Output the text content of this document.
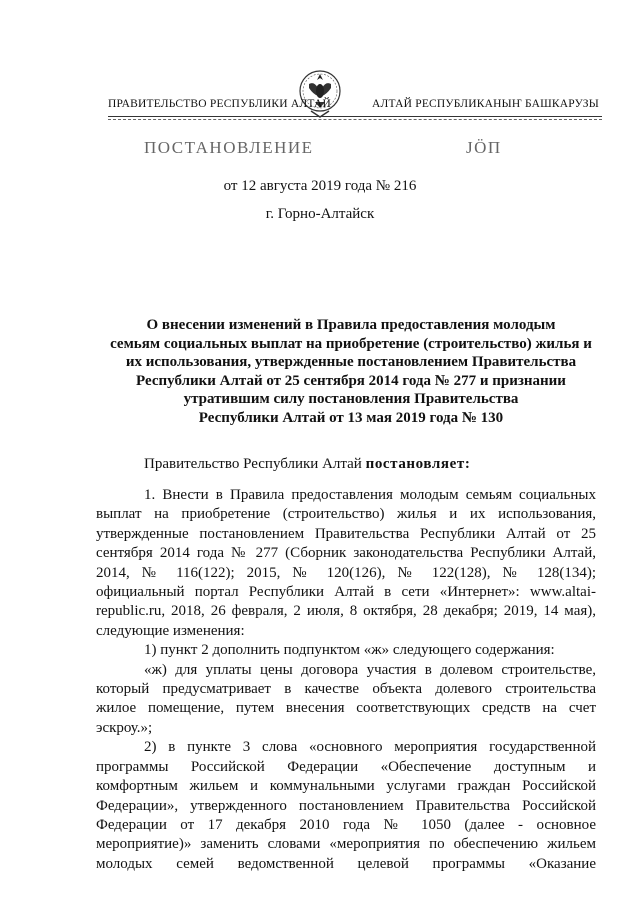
ПРАВИТЕЛЬСТВО РЕСПУБЛИКИ АЛТАЙ	АЛТАЙ РЕСПУБЛИКАНЫҤ БАШКАРУЗЫ
ПОСТАНОВЛЕНИЕ	ЈӦП
от 12 августа 2019 года № 216
г. Горно-Алтайск
О внесении изменений в Правила предоставления молодым
семьям социальных выплат на приобретение (строительство) жилья и
их использования, утвержденные постановлением Правительства
Республики Алтай от 25 сентября 2014 года № 277 и признании
утратившим силу постановления Правительства
Республики Алтай от 13 мая 2019 года № 130
Правительство Республики Алтай постановляет:
1. Внести в Правила предоставления молодым семьям социальных
выплат на приобретение (строительство) жилья и их использования,
утвержденные постановлением Правительства Республики Алтай от 25
сентября 2014 года № 277 (Сборник законодательства Республики Алтай,
2014, № 116(122); 2015, № 120(126), № 122(128), № 128(134);
официальный портал Республики Алтай в сети «Интернет»: www.altai-
republic.ru, 2018, 26 февраля, 2 июля, 8 октября, 28 декабря; 2019, 14 мая),
следующие изменения:
1) пункт 2 дополнить подпунктом «ж» следующего содержания:
«ж) для уплаты цены договора участия в долевом строительстве,
который предусматривает в качестве объекта долевого строительства
жилое помещение, путем внесения соответствующих средств на счет
эскроу.»;
2) в пункте 3 слова «основного мероприятия государственной
программы Российской Федерации «Обеспечение доступным и
комфортным жильем и коммунальными услугами граждан Российской
Федерации», утвержденного постановлением Правительства Российской
Федерации от 17 декабря 2010 года № 1050 (далее - основное
мероприятие)» заменить словами «мероприятия по обеспечению жильем
молодых семей ведомственной целевой программы «Оказание
